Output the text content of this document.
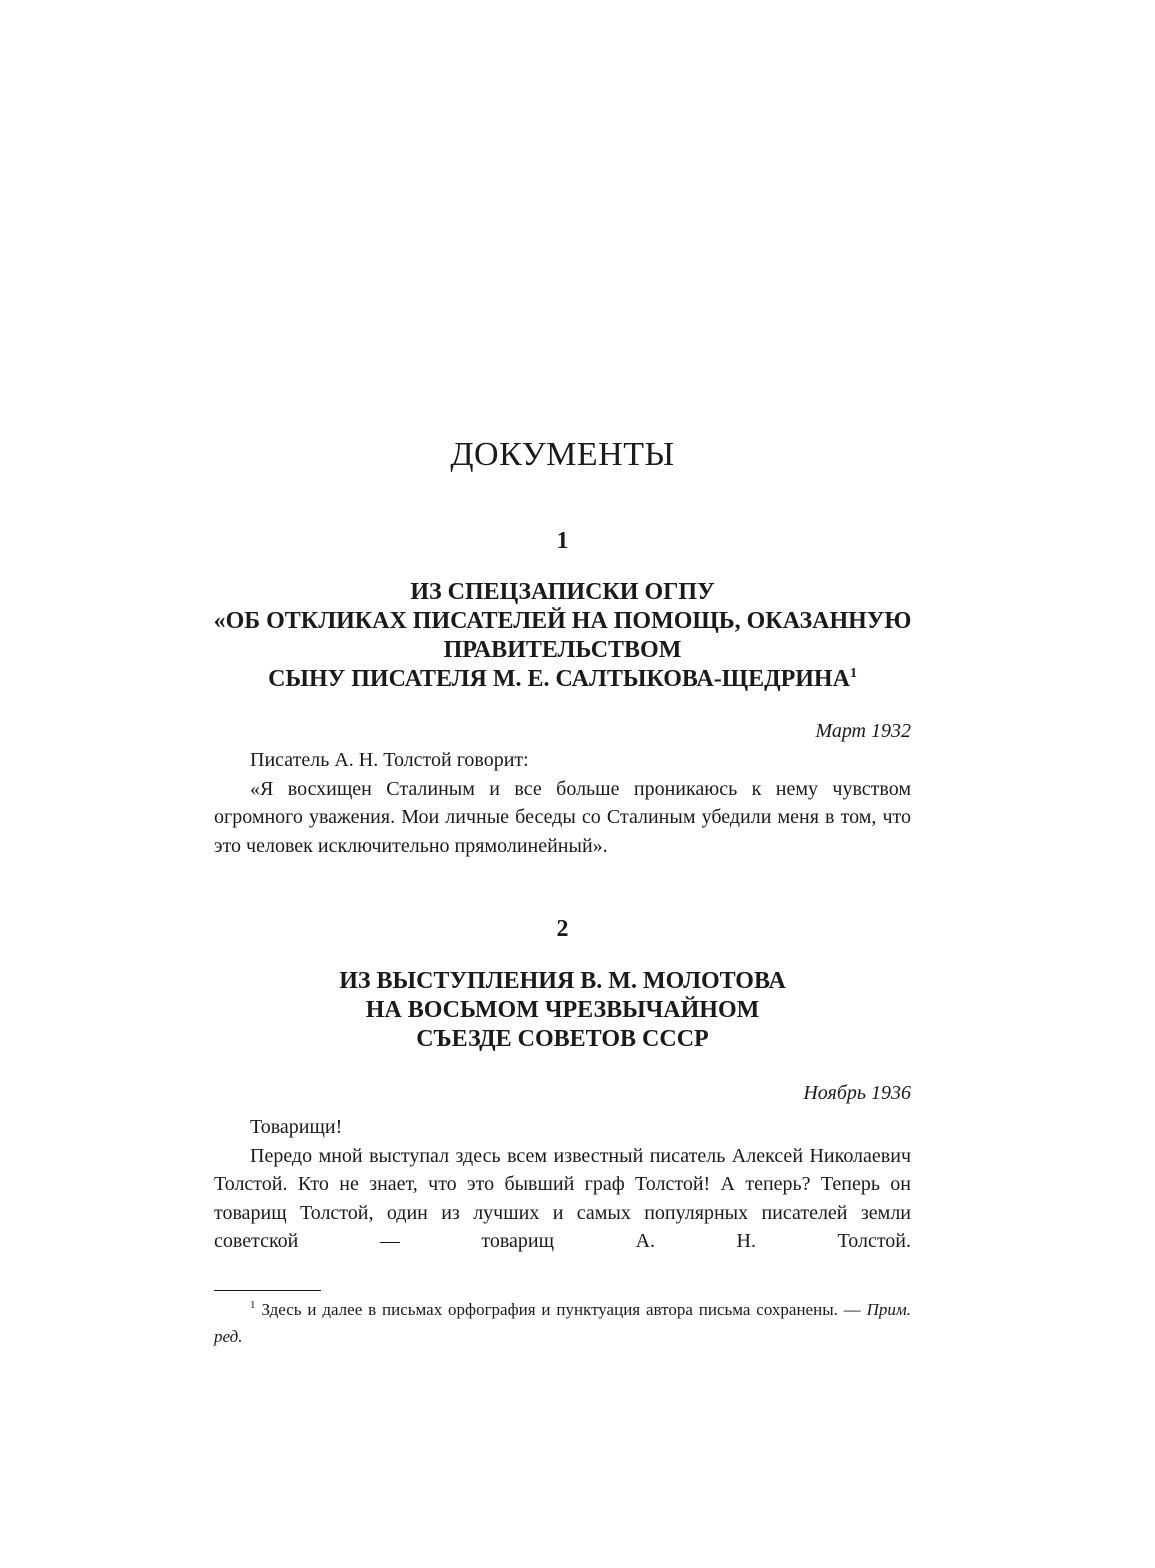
ДОКУМЕНТЫ
1
ИЗ СПЕЦЗАПИСКИ ОГПУ
«ОБ ОТКЛИКАХ ПИСАТЕЛЕЙ НА ПОМОЩЬ, ОКАЗАННУЮ
ПРАВИТЕЛЬСТВОМ
СЫНУ ПИСАТЕЛЯ М. Е. САЛТЫКОВА-ЩЕДРИНА$^1$
Март 1932

Писатель А. Н. Толстой говорит:

«Я восхищен Сталиным и все больше проникаюсь к нему чувством огромного уважения. Мои личные беседы со Сталиным убедили меня в том, что это человек исключительно прямолинейный».

2
ИЗ ВЫСТУПЛЕНИЯ В. М. МОЛОТОВА
НА ВОСЬМОМ ЧРЕЗВЫЧАЙНОМ
СЪЕЗДЕ СОВЕТОВ СССР
Ноябрь 1936

Товарищи!

Передо мной выступал здесь всем известный писатель Алексей Николаевич Толстой. Кто не знает, что это бывший граф Толстой! А теперь? Теперь он товарищ Толстой, один из лучших и самых популярных писателей земли советской — товарищ А. Н. Толстой.

$^1$ Здесь и далее в письмах орфография и пунктуация автора письма сохранены. — Прим. ред.
